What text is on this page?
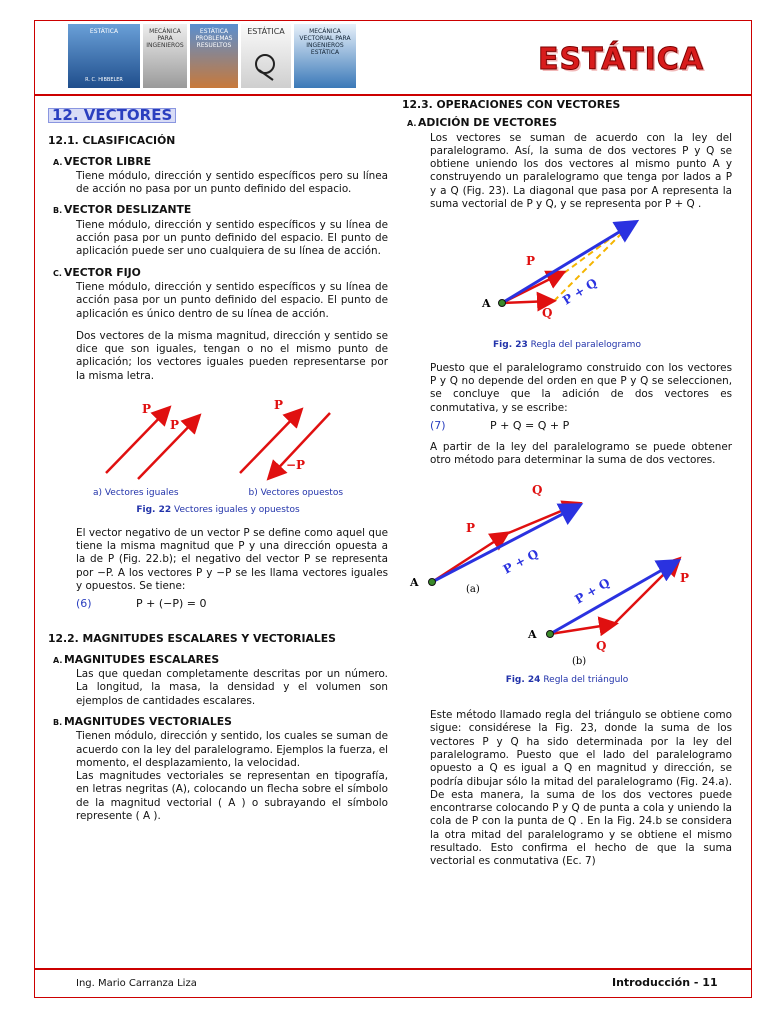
ESTÁTICA
R. C. HIBBELER
MECÁNICA PARA INGENIEROS
ESTÁTICA PROBLEMAS RESUELTOS
ESTÁTICA	MECÁNICA VECTORIAL PARA INGENIEROS ESTÁTICA	ESTÁTICA
12. VECTORES
12.1. CLASIFICACIÓN
A. VECTOR LIBRE
Tiene módulo, dirección y sentido específicos pero su línea de acción no pasa por un punto definido del espacio.
B. VECTOR DESLIZANTE
Tiene módulo, dirección y sentido específicos y su línea de acción pasa por un punto definido del espacio. El punto de aplicación puede ser uno cualquiera de su línea de acción.
C. VECTOR FIJO
Tiene módulo, dirección y sentido específicos y su línea de acción pasa por un punto definido del espacio. El punto de aplicación es único dentro de su línea de acción.
Dos vectores de la misma magnitud, dirección y sentido se dice que son iguales, tengan o no el mismo punto de aplicación; los vectores iguales pueden representarse por la misma letra.
P
P
P
−P
a) Vectores iguales	b) Vectores opuestos
Fig. 22 Vectores iguales y opuestos
El vector negativo de un vector P se define como aquel que tiene la misma magnitud que P y una dirección opuesta a la de P (Fig. 22.b); el negativo del vector P se representa por −P. A los vectores P y −P se les llama vectores iguales y opuestos. Se tiene:
(6)	P + (−P) = 0
12.2. MAGNITUDES ESCALARES Y VECTORIALES
A. MAGNITUDES ESCALARES
Las que quedan completamente descritas por un número. La longitud, la masa, la densidad y el volumen son ejemplos de cantidades escalares.
B. MAGNITUDES VECTORIALES
Tienen módulo, dirección y sentido, los cuales se suman de acuerdo con la ley del paralelogramo. Ejemplos la fuerza, el momento, el desplazamiento, la velocidad.
Las magnitudes vectoriales se representan en tipografía, en letras negritas (A), colocando un flecha sobre el símbolo de la magnitud vectorial ( A ) o subrayando el símbolo represente ( A ).
12.3. OPERACIONES CON VECTORES
A. ADICIÓN DE VECTORES
Los vectores se suman de acuerdo con la ley del paralelogramo. Así, la suma de dos vectores P y Q se obtiene uniendo los dos vectores al mismo punto A y construyendo un paralelogramo que tenga por lados a P y a Q (Fig. 23). La diagonal que pasa por A representa la suma vectorial de P y Q, y se representa por P + Q .
A
P
Q
P + Q
Fig. 23 Regla del paralelogramo
Puesto que el paralelogramo construido con los vectores P y Q no depende del orden en que P y Q se seleccionen, se concluye que la adición de dos vectores es conmutativa, y se escribe:
(7)	P + Q = Q + P
A partir de la ley del paralelogramo se puede obtener otro método para determinar la suma de dos vectores.
A
P
Q
P + Q
(a)
A
Q
P
P + Q
(b)
Fig. 24 Regla del triángulo
Este método llamado regla del triángulo se obtiene como sigue: considérese la Fig. 23, donde la suma de los vectores P y Q ha sido determinada por la ley del paralelogramo. Puesto que el lado del paralelogramo opuesto a Q es igual a Q en magnitud y dirección, se podría dibujar sólo la mitad del paralelogramo (Fig. 24.a). De esta manera, la suma de los dos vectores puede encontrarse colocando P y Q de punta a cola y uniendo la cola de P con la punta de Q . En la Fig. 24.b se considera la otra mitad del paralelogramo y se obtiene el mismo resultado. Esto confirma el hecho de que la suma vectorial es conmutativa (Ec. 7)
Ing. Mario Carranza Liza	Introducción - 11
